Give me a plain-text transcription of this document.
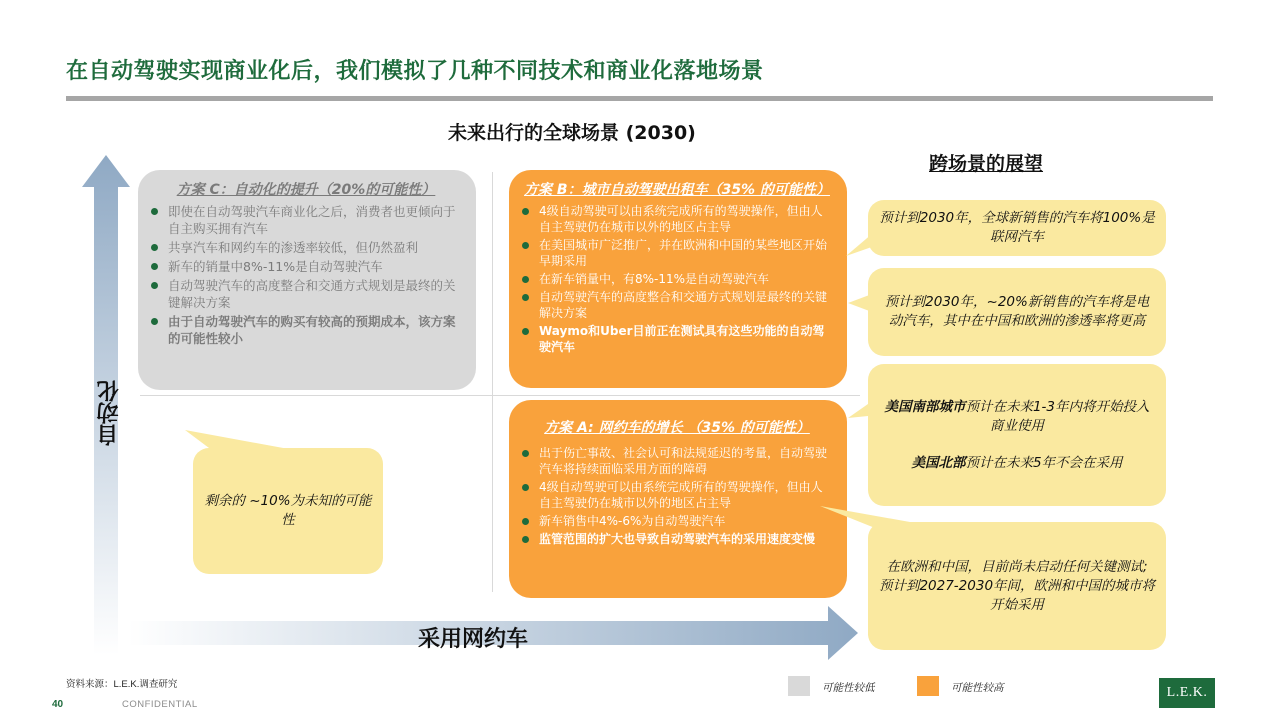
在自动驾驶实现商业化后，我们模拟了几种不同技术和商业化落地场景
未来出行的全球场景 (2030)
跨场景的展望
自动化
采用网约车
方案 C：自动化的提升（20%的可能性）
即使在自动驾驶汽车商业化之后，消费者也更倾向于自主购买拥有汽车
共享汽车和网约车的渗透率较低，但仍然盈利
新车的销量中8%-11%是自动驾驶汽车
自动驾驶汽车的高度整合和交通方式规划是最终的关键解决方案
由于自动驾驶汽车的购买有较高的预期成本，该方案的可能性较小
方案 B：城市自动驾驶出租车（35% 的可能性）
4级自动驾驶可以由系统完成所有的驾驶操作，但由人自主驾驶仍在城市以外的地区占主导
在美国城市广泛推广，并在欧洲和中国的某些地区开始早期采用
在新车销量中，有8%-11%是自动驾驶汽车
自动驾驶汽车的高度整合和交通方式规划是最终的关键解决方案
Waymo和Uber目前正在测试具有这些功能的自动驾驶汽车
方案 A: 网约车的增长 （35% 的可能性）
出于伤亡事故、社会认可和法规延迟的考量，自动驾驶汽车将持续面临采用方面的障碍
4级自动驾驶可以由系统完成所有的驾驶操作，但由人自主驾驶仍在城市以外的地区占主导
新车销售中4%-6%为自动驾驶汽车
监管范围的扩大也导致自动驾驶汽车的采用速度变慢
剩余的 ~10%为未知的可能性
预计到2030年，全球新销售的汽车将100%是联网汽车
预计到2030年，~20%新销售的汽车将是电动汽车，其中在中国和欧洲的渗透率将更高

美国南部城市预计在未来1-3年内将开始投入商业使用

美国北部预计在未来5年不会在采用

在欧洲和中国，目前尚未启动任何关键测试;
预计到2027-2030年间，欧洲和中国的城市将开始采用
资料来源：L.E.K.调查研究
40	CONFIDENTIAL
可能性较低	可能性较高	L.E.K.
